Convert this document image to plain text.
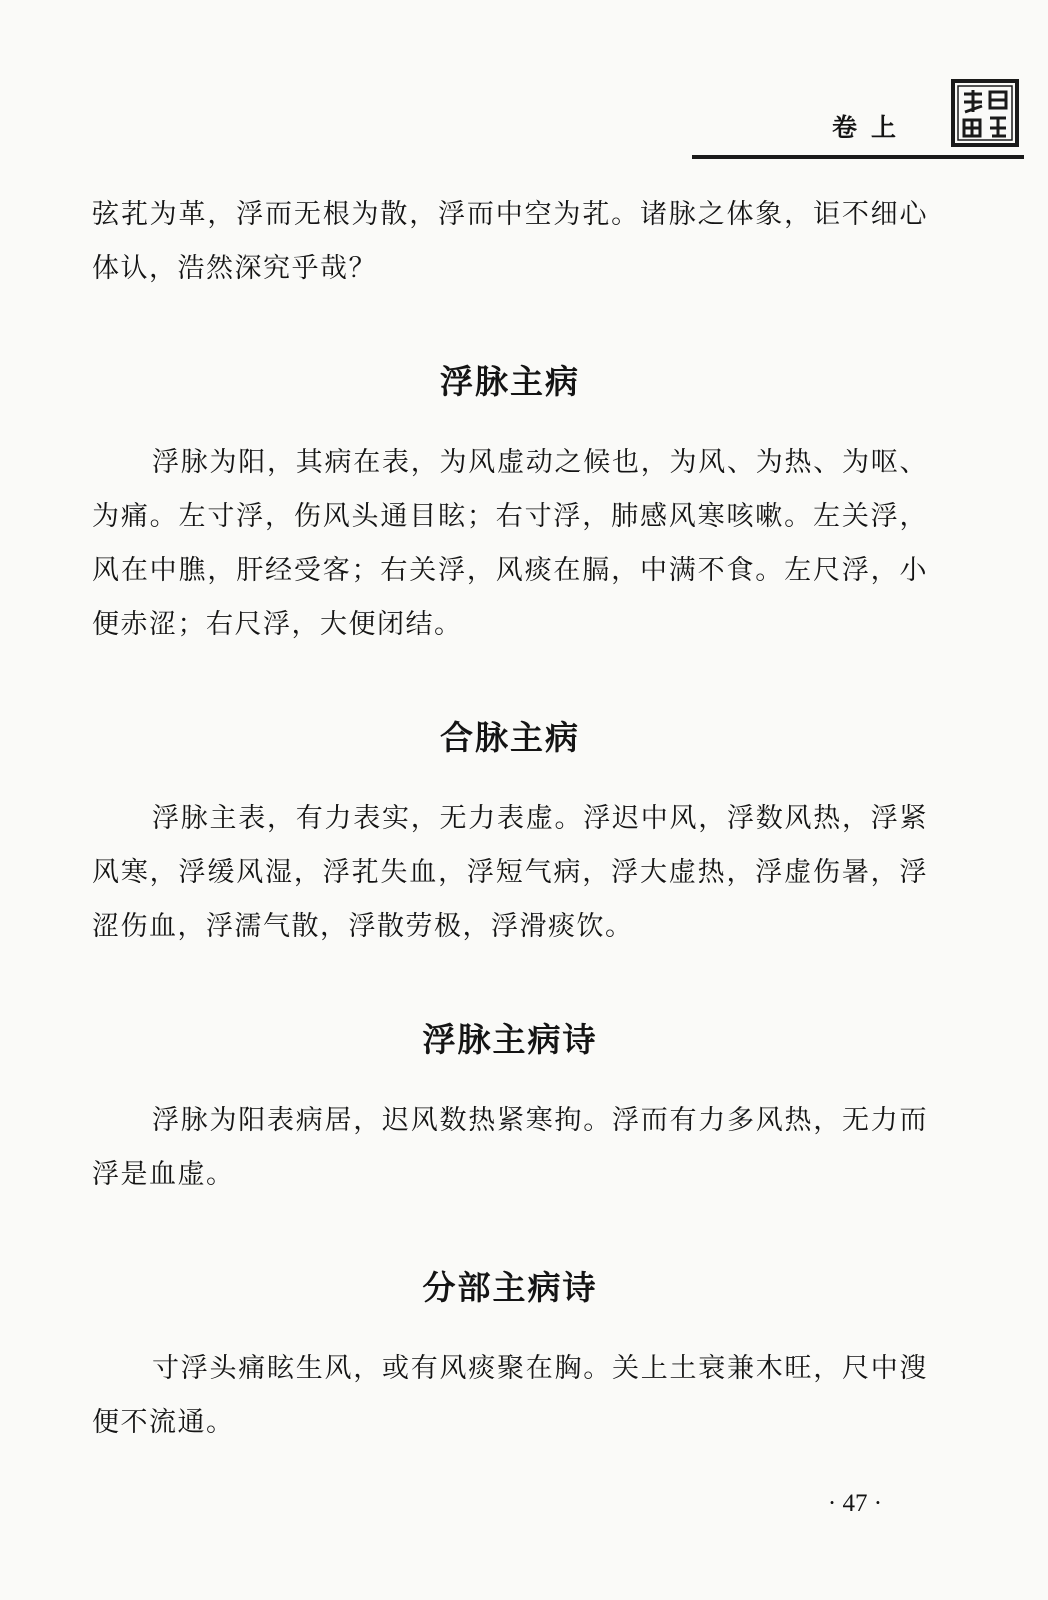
卷上

弦芤为革，浮而无根为散，浮而中空为芤。诸脉之体象，讵不细心体认，浩然深究乎哉？

浮脉主病

浮脉为阳，其病在表，为风虚动之候也，为风、为热、为呕、为痛。左寸浮，伤风头通目眩；右寸浮，肺感风寒咳嗽。左关浮，风在中膲，肝经受客；右关浮，风痰在膈，中满不食。左尺浮，小便赤涩；右尺浮，大便闭结。

合脉主病

浮脉主表，有力表实，无力表虚。浮迟中风，浮数风热，浮紧风寒，浮缓风湿，浮芤失血，浮短气病，浮大虚热，浮虚伤暑，浮涩伤血，浮濡气散，浮散劳极，浮滑痰饮。

浮脉主病诗

浮脉为阳表病居，迟风数热紧寒拘。浮而有力多风热，无力而浮是血虚。

分部主病诗

寸浮头痛眩生风，或有风痰聚在胸。关上土衰兼木旺，尺中溲便不流通。

· 47 ·
